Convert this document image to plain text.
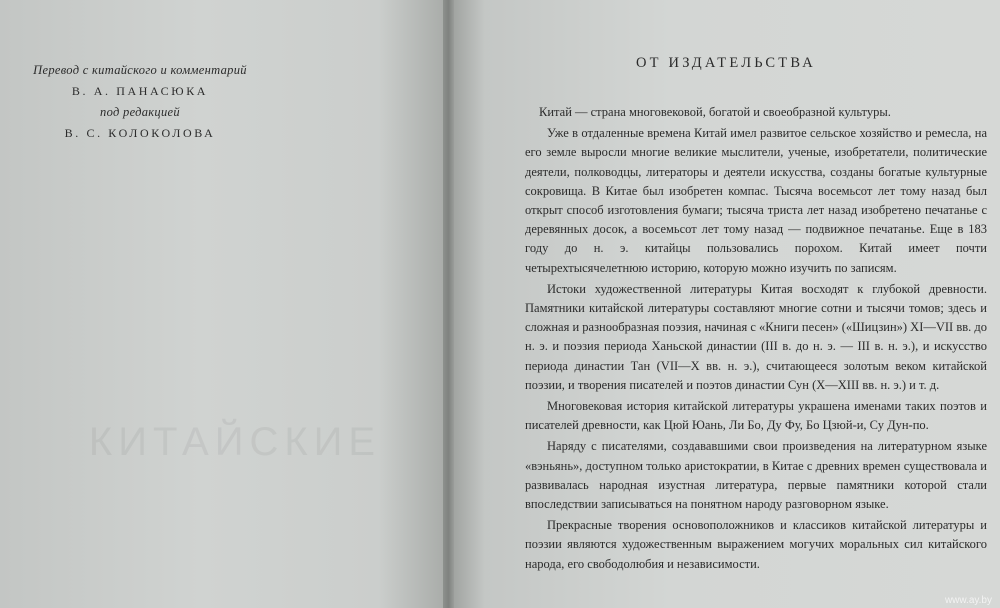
Перевод с китайского и комментарий
В. А. ПАНАСЮКА
под редакцией
В. С. КОЛОКОЛОВА
КИТАЙСКИЕ
ОТ ИЗДАТЕЛЬСТВА

Китай — страна многовековой, богатой и своеобразной культуры.

Уже в отдаленные времена Китай имел развитое сельское хозяйство и ремесла, на его земле выросли многие великие мыслители, ученые, изобретатели, политические деятели, полководцы, литераторы и деятели искусства, созданы богатые культурные сокровища. В Китае был изобретен компас. Тысяча восемьсот лет тому назад был открыт способ изготовления бумаги; тысяча триста лет назад изобретено печатанье с деревянных досок, а восемьсот лет тому назад — подвижное печатанье. Еще в 183 году до н. э. китайцы пользовались порохом. Китай имеет почти четырехтысячелетнюю историю, которую можно изучить по записям.

Истоки художественной литературы Китая восходят к глубокой древности. Памятники китайской литературы составляют многие сотни и тысячи томов; здесь и сложная и разнообразная поэзия, начиная с «Книги песен» («Шицзин») XI—VII вв. до н. э. и поэзия периода Ханьской династии (III в. до н. э. — III в. н. э.), и искусство периода династии Тан (VII—X вв. н. э.), считающееся золотым веком китайской поэзии, и творения писателей и поэтов династии Сун (X—XIII вв. н. э.) и т. д.

Многовековая история китайской литературы украшена именами таких поэтов и писателей древности, как Цюй Юань, Ли Бо, Ду Фу, Бо Цзюй-и, Су Дун-по.

Наряду с писателями, создававшими свои произведения на литературном языке «вэньянь», доступном только аристократии, в Китае с древних времен существовала и развивалась народная изустная литература, первые памятники которой стали впоследствии записываться на понятном народу разговорном языке.

Прекрасные творения основоположников и классиков китайской литературы и поэзии являются художественным выражением могучих моральных сил китайского народа, его свободолюбия и независимости.

www.ay.by
